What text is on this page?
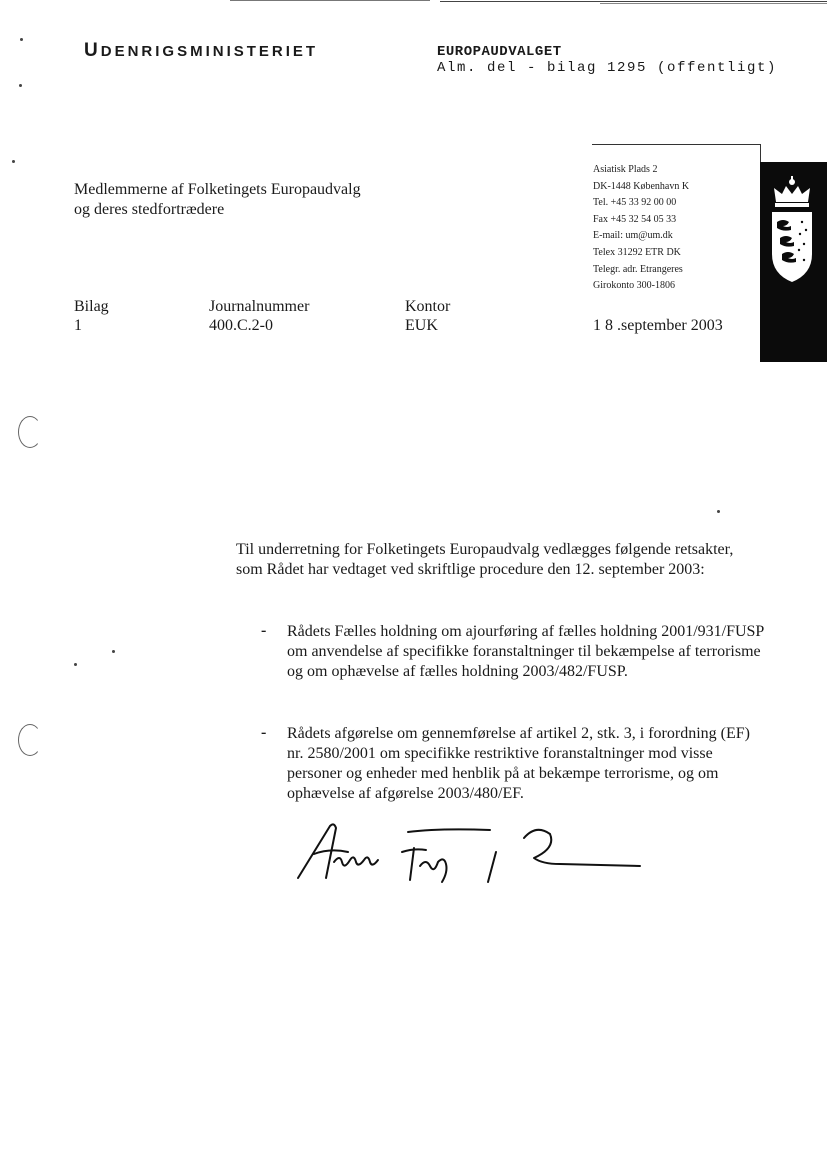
UDENRIGSMINISTERIET	EUROPAUDVALGET
Alm. del - bilag 1295 (offentligt)
Medlemmerne af Folketingets Europaudvalg
og deres stedfortrædere
Asiatisk Plads 2
DK-1448 København K
Tel. +45 33 92 00 00
Fax +45 32 54 05 33
E-mail: um@um.dk
Telex 31292 ETR DK
Telegr. adr. Etrangeres
Girokonto 300-1806
Bilag
1
Journalnummer
400.C.2-0
Kontor
EUK	1 8 .september 2003
Til underretning for Folketingets Europaudvalg vedlægges følgende retsakter, som Rådet har vedtaget ved skriftlige procedure den 12. september 2003:
- Rådets Fælles holdning om ajourføring af fælles holdning 2001/931/FUSP om anvendelse af specifikke foranstaltninger til bekæmpelse af terrorisme og om ophævelse af fælles holdning 2003/482/FUSP.
- Rådets afgørelse om gennemførelse af artikel 2, stk. 3, i forordning (EF) nr. 2580/2001 om specifikke restriktive foranstaltninger mod visse personer og enheder med henblik på at bekæmpe terrorisme, og om ophævelse af afgørelse 2003/480/EF.
